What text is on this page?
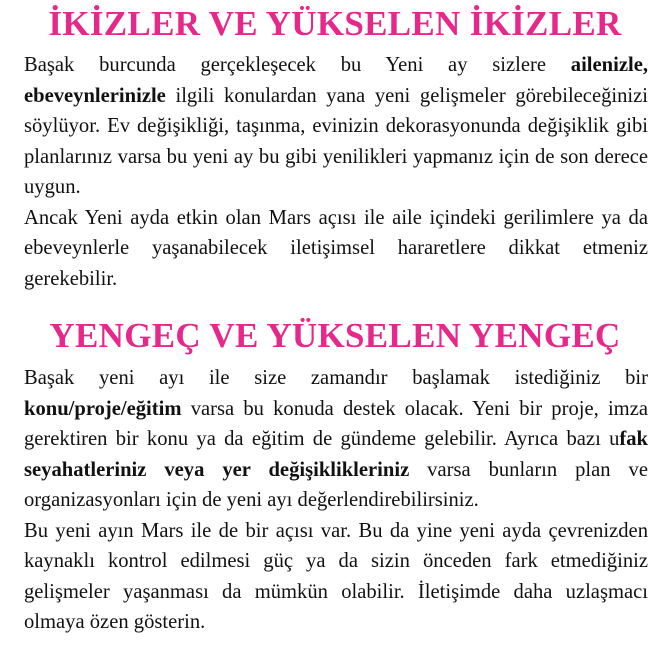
İKİZLER VE YÜKSELEN İKİZLER

Başak burcunda gerçekleşecek bu Yeni ay sizlere ailenizle, ebeveynlerinizle ilgili konulardan yana yeni gelişmeler görebileceğinizi söylüyor. Ev değişikliği, taşınma, evinizin dekorasyonunda değişiklik gibi planlarınız varsa bu yeni ay bu gibi yenilikleri yapmanız için de son derece uygun.

Ancak Yeni ayda etkin olan Mars açısı ile aile içindeki gerilimlere ya da ebeveynlerle yaşanabilecek iletişimsel hararetlere dikkat etmeniz gerekebilir.

YENGEÇ VE YÜKSELEN YENGEÇ

Başak yeni ayı ile size zamandır başlamak istediğiniz bir konu/proje/eğitim varsa bu konuda destek olacak. Yeni bir proje, imza gerektiren bir konu ya da eğitim de gündeme gelebilir. Ayrıca bazı ufak seyahatleriniz veya yer değişiklikleriniz varsa bunların plan ve organizasyonları için de yeni ayı değerlendirebilirsiniz.

Bu yeni ayın Mars ile de bir açısı var. Bu da yine yeni ayda çevrenizden kaynaklı kontrol edilmesi güç ya da sizin önceden fark etmediğiniz gelişmeler yaşanması da mümkün olabilir. İletişimde daha uzlaşmacı olmaya özen gösterin.
